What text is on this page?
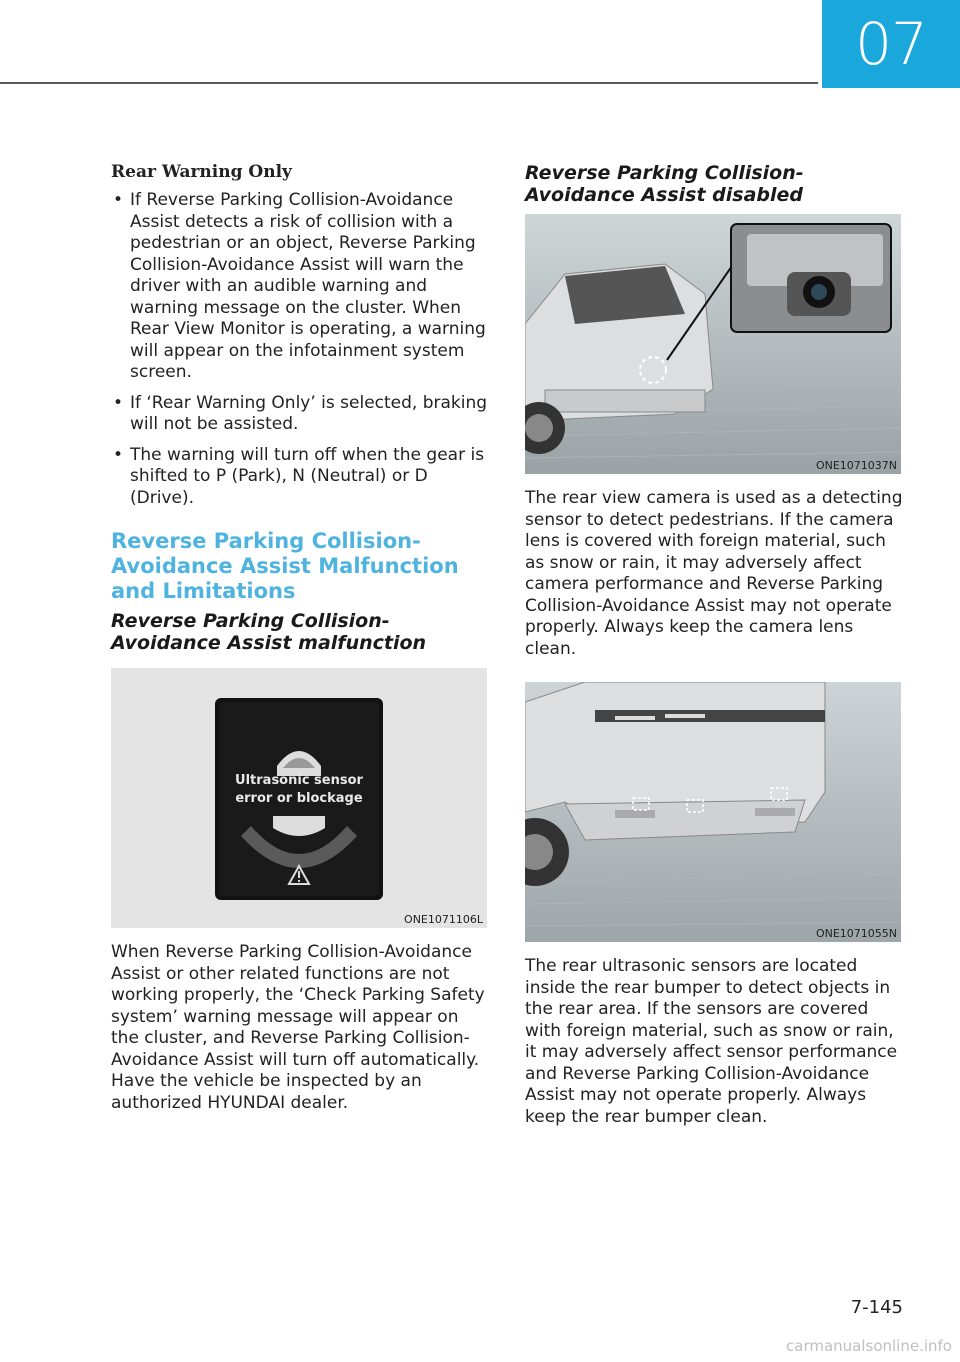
07
Rear Warning Only
• If Reverse Parking Collision-Avoidance Assist detects a risk of collision with a pedestrian or an object, Reverse Parking Collision-Avoidance Assist will warn the driver with an audible warning and warning message on the cluster. When Rear View Monitor is operating, a warning will appear on the infotainment system screen.
• If ‘Rear Warning Only’ is selected, braking will not be assisted.
• The warning will turn off when the gear is shifted to P (Park), N (Neutral) or D (Drive).
Reverse Parking Collision-Avoidance Assist Malfunction and Limitations
Reverse Parking Collision-Avoidance Assist malfunction
Ultrasonic sensor
error or blockage
ONE1071106L

When Reverse Parking Collision-Avoidance Assist or other related functions are not working properly, the ‘Check Parking Safety system’ warning message will appear on the cluster, and Reverse Parking Collision-Avoidance Assist will turn off automatically.

Have the vehicle be inspected by an authorized HYUNDAI dealer.

Reverse Parking Collision-Avoidance Assist disabled
ONE1071037N

The rear view camera is used as a detecting sensor to detect pedestrians. If the camera lens is covered with foreign material, such as snow or rain, it may adversely affect camera performance and Reverse Parking Collision-Avoidance Assist may not operate properly. Always keep the camera lens clean.

ONE1071055N

The rear ultrasonic sensors are located inside the rear bumper to detect objects in the rear area. If the sensors are covered with foreign material, such as snow or rain, it may adversely affect sensor performance and Reverse Parking Collision-Avoidance Assist may not operate properly. Always keep the rear bumper clean.

7-145
carmanualsonline.info
